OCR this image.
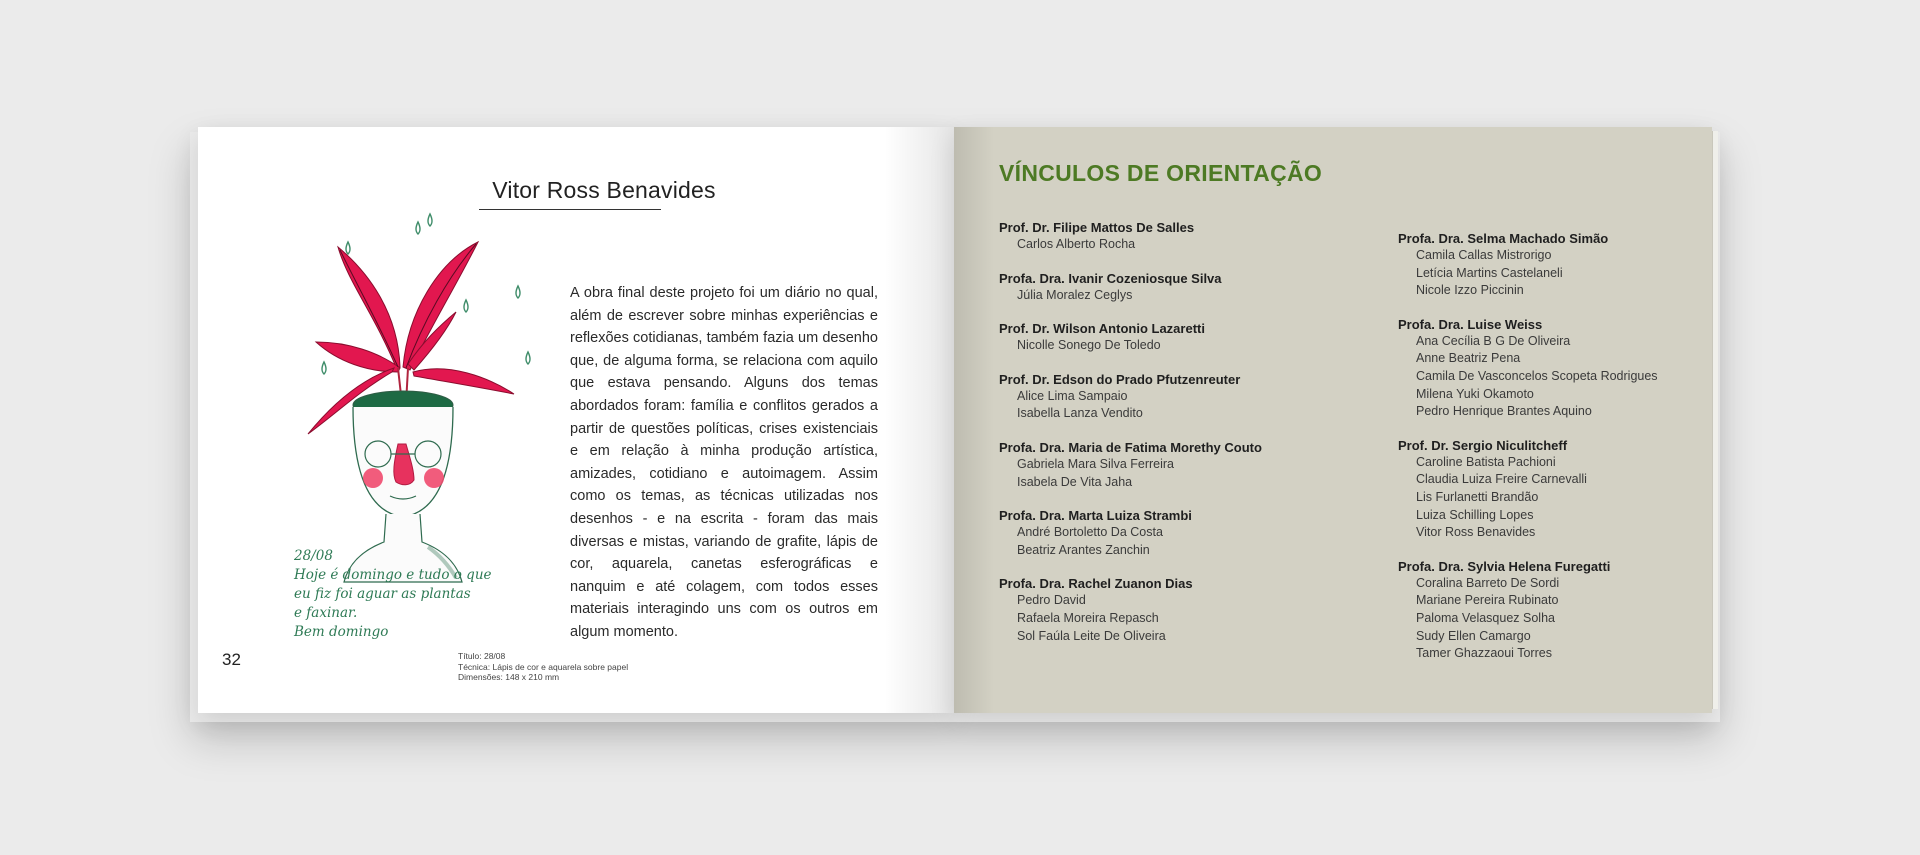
Vitor Ross Benavides
28/08
Hoje é domingo e tudo o que
eu fiz foi aguar as plantas
e faxinar.
Bem domingo
A obra final deste projeto foi um diário no qual, além de escrever sobre minhas experiências e reflexões cotidianas, também fazia um desenho que, de alguma forma, se relaciona com aquilo que estava pensando. Alguns dos temas abordados foram: família e conflitos gerados a partir de questões políticas, crises existenciais e em relação à minha produção artística, amizades, cotidiano e autoimagem. Assim como os temas, as técnicas utilizadas nos desenhos - e na escrita - foram das mais diversas e mistas, variando de grafite, lápis de cor, aquarela, canetas esferográficas e nanquim e até colagem, com todos esses materiais interagindo uns com os outros em algum momento.
32	Título: 28/08
Técnica: Lápis de cor e aquarela sobre papel
Dimensões: 148 x 210 mm
VÍNCULOS DE ORIENTAÇÃO
Prof. Dr. Filipe Mattos De Salles
Carlos Alberto Rocha
Profa. Dra. Ivanir Cozeniosque Silva
Júlia Moralez Ceglys
Prof. Dr. Wilson Antonio Lazaretti
Nicolle Sonego De Toledo
Prof. Dr. Edson do Prado Pfutzenreuter
Alice Lima Sampaio
Isabella Lanza Vendito
Profa. Dra. Maria de Fatima Morethy Couto
Gabriela Mara Silva Ferreira
Isabela De Vita Jaha
Profa. Dra. Marta Luiza Strambi
André Bortoletto Da Costa
Beatriz Arantes Zanchin
Profa. Dra. Rachel Zuanon Dias
Pedro David
Rafaela Moreira Repasch
Sol Faúla Leite De Oliveira
Profa. Dra. Selma Machado Simão
Camila Callas Mistrorigo
Letícia Martins Castelaneli
Nicole Izzo Piccinin
Profa. Dra. Luise Weiss
Ana Cecília B G De Oliveira
Anne Beatriz Pena
Camila De Vasconcelos Scopeta Rodrigues
Milena Yuki Okamoto
Pedro Henrique Brantes Aquino
Prof. Dr. Sergio Niculitcheff
Caroline Batista Pachioni
Claudia Luiza Freire Carnevalli
Lis Furlanetti Brandão
Luiza Schilling Lopes
Vitor Ross Benavides
Profa. Dra. Sylvia Helena Furegatti
Coralina Barreto De Sordi
Mariane Pereira Rubinato
Paloma Velasquez Solha
Sudy Ellen Camargo
Tamer Ghazzaoui Torres
